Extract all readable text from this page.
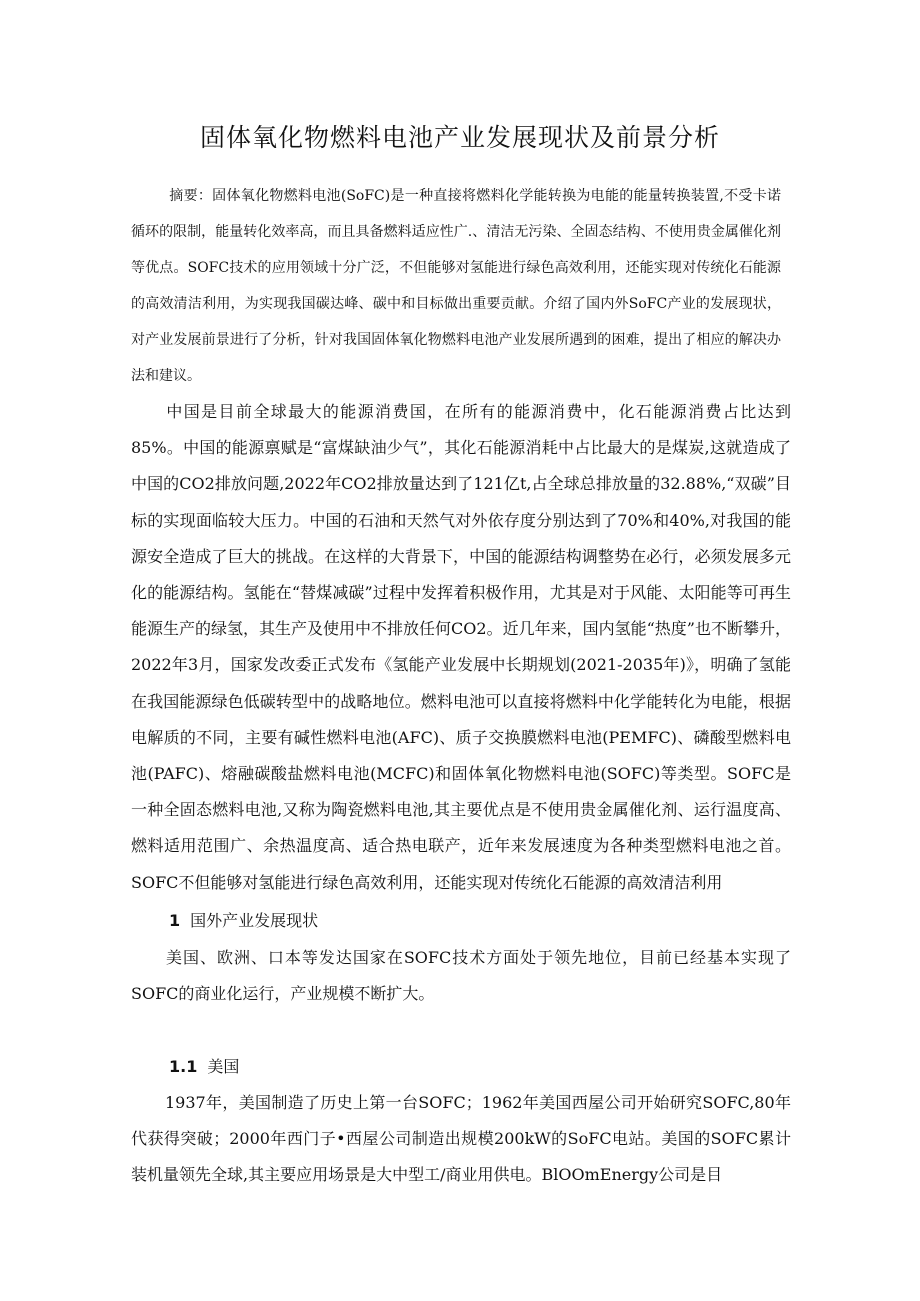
固体氧化物燃料电池产业发展现状及前景分析
摘要：固体氧化物燃料电池(SoFC)是一种直接将燃料化学能转换为电能的能量转换装置,不受卡诺循环的限制，能量转化效率高，而且具备燃料适应性广.、清洁无污染、全固态结构、不使用贵金属催化剂等优点。SOFC技术的应用领域十分广泛，不但能够对氢能进行绿色高效利用，还能实现对传统化石能源的高效清洁利用，为实现我国碳达峰、碳中和目标做出重要贡献。介绍了国内外SoFC产业的发展现状，对产业发展前景进行了分析，针对我国固体氧化物燃料电池产业发展所遇到的困难，提出了相应的解决办法和建议。
中国是目前全球最大的能源消费国，在所有的能源消费中，化石能源消费占比达到85%。中国的能源禀赋是“富煤缺油少气”，其化石能源消耗中占比最大的是煤炭,这就造成了中国的CO2排放问题,2022年CO2排放量达到了121亿t,占全球总排放量的32.88%,“双碳”目标的实现面临较大压力。中国的石油和天然气对外依存度分别达到了70%和40%,对我国的能源安全造成了巨大的挑战。在这样的大背景下，中国的能源结构调整势在必行，必须发展多元化的能源结构。氢能在“替煤减碳”过程中发挥着积极作用，尤其是对于风能、太阳能等可再生能源生产的绿氢，其生产及使用中不排放任何CO2。近几年来，国内氢能“热度”也不断攀升，2022年3月，国家发改委正式发布《氢能产业发展中长期规划(2021-2035年)》，明确了氢能在我国能源绿色低碳转型中的战略地位。燃料电池可以直接将燃料中化学能转化为电能，根据电解质的不同，主要有碱性燃料电池(AFC)、质子交换膜燃料电池(PEMFC)、磷酸型燃料电池(PAFC)、熔融碳酸盐燃料电池(MCFC)和固体氧化物燃料电池(SOFC)等类型。SOFC是一种全固态燃料电池,又称为陶瓷燃料电池,其主要优点是不使用贵金属催化剂、运行温度高、燃料适用范围广、余热温度高、适合热电联产，近年来发展速度为各种类型燃料电池之首。SOFC不但能够对氢能进行绿色高效利用，还能实现对传统化石能源的高效清洁利用
1 国外产业发展现状
美国、欧洲、口本等发达国家在SOFC技术方面处于领先地位，目前已经基本实现了SOFC的商业化运行，产业规模不断扩大。
1.1 美国
1937年，美国制造了历史上第一台SOFC；1962年美国西屋公司开始研究SOFC,80年代获得突破；2000年西门子•西屋公司制造出规模200kW的SoFC电站。美国的SOFC累计装机量领先全球,其主要应用场景是大中型工/商业用供电。BlOOmEnergy公司是目
